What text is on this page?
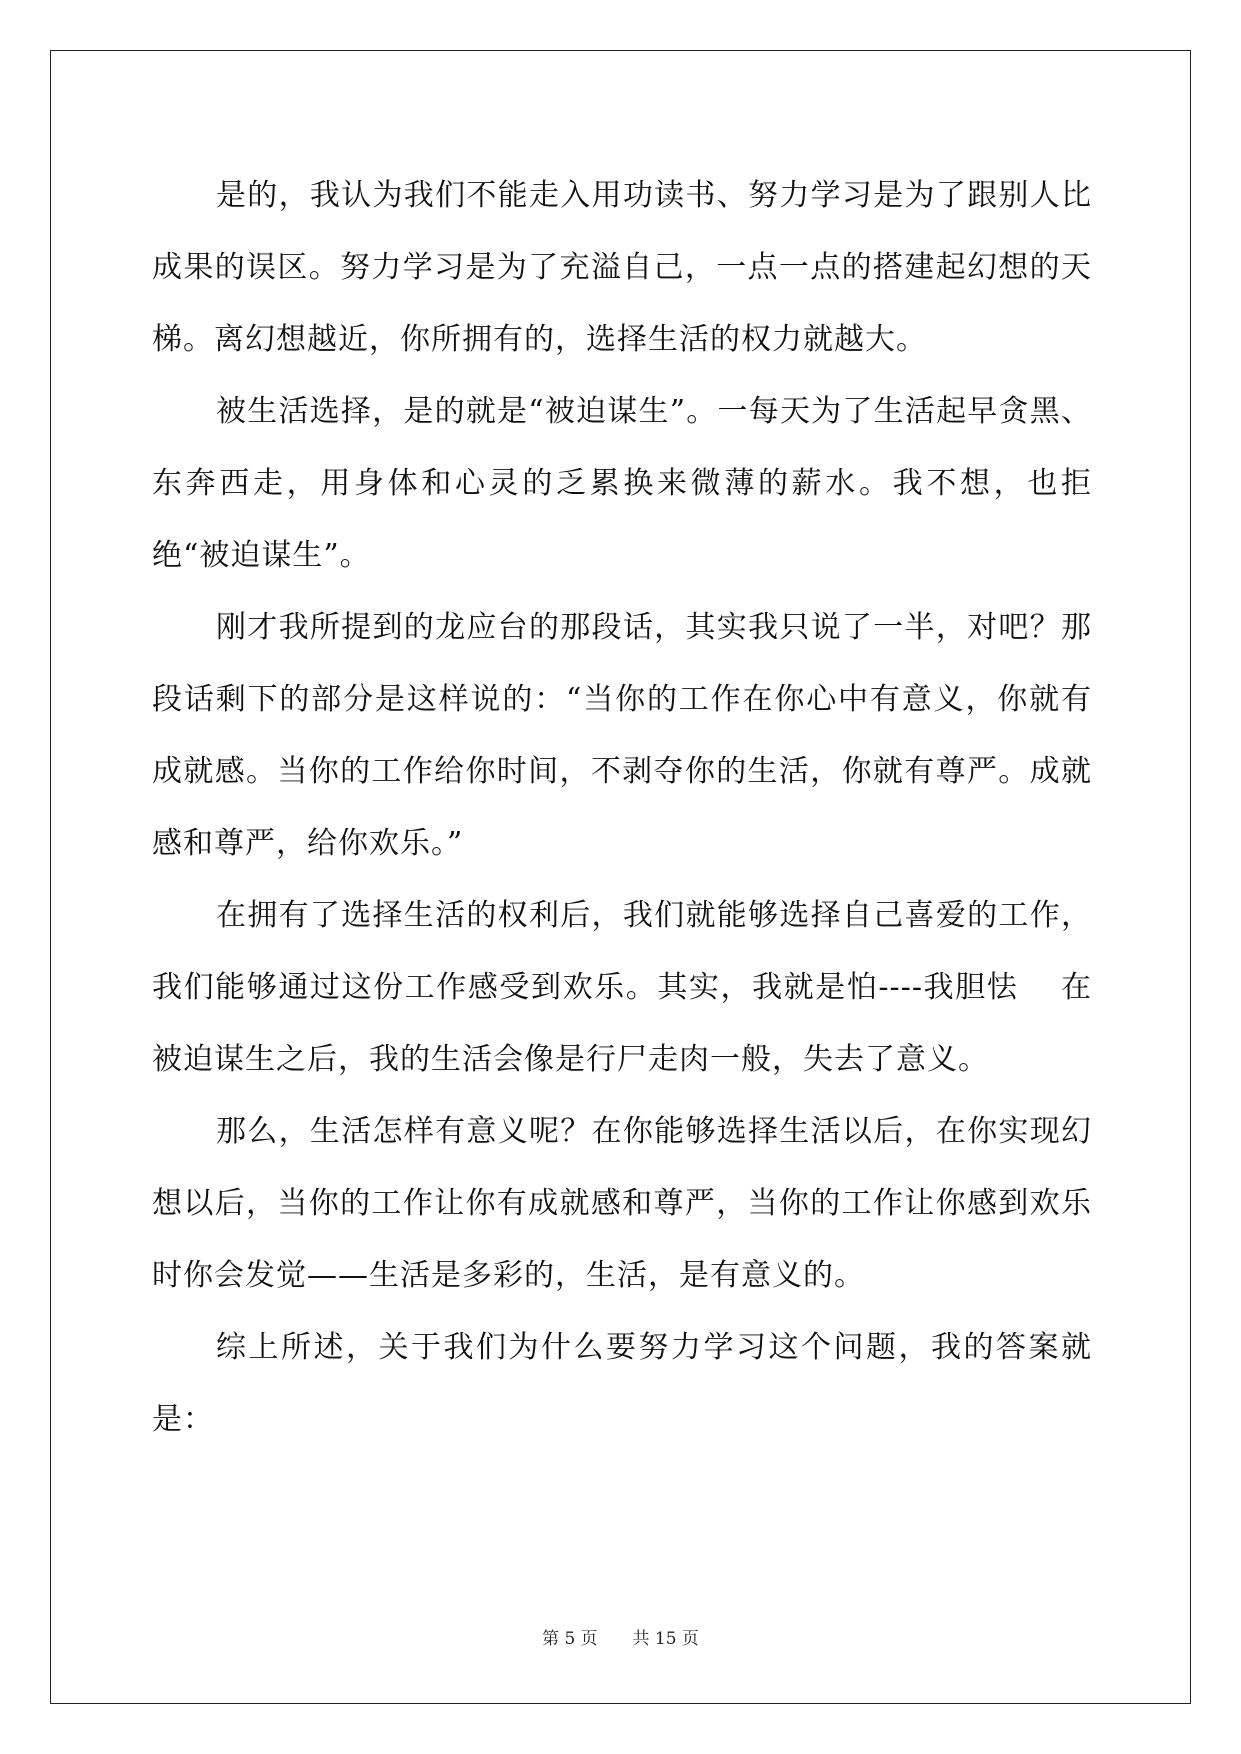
是的，我认为我们不能走入用功读书、努力学习是为了跟别人比成果的误区。努力学习是为了充溢自己，一点一点的搭建起幻想的天梯。离幻想越近，你所拥有的，选择生活的权力就越大。

被生活选择，是的就是“被迫谋生”。一每天为了生活起早贪黑、东奔西走，用身体和心灵的乏累换来微薄的薪水。我不想，也拒绝“被迫谋生”。

刚才我所提到的龙应台的那段话，其实我只说了一半，对吧？那段话剩下的部分是这样说的：“当你的工作在你心中有意义，你就有成就感。当你的工作给你时间，不剥夺你的生活，你就有尊严。成就感和尊严，给你欢乐。”

在拥有了选择生活的权利后，我们就能够选择自己喜爱的工作，我们能够通过这份工作感受到欢乐。其实，我就是怕----我胆怯　 在被迫谋生之后，我的生活会像是行尸走肉一般，失去了意义。

那么，生活怎样有意义呢？在你能够选择生活以后，在你实现幻想以后，当你的工作让你有成就感和尊严，当你的工作让你感到欢乐时你会发觉——生活是多彩的，生活，是有意义的。

综上所述，关于我们为什么要努力学习这个问题，我的答案就是：

第 5 页 共 15 页
